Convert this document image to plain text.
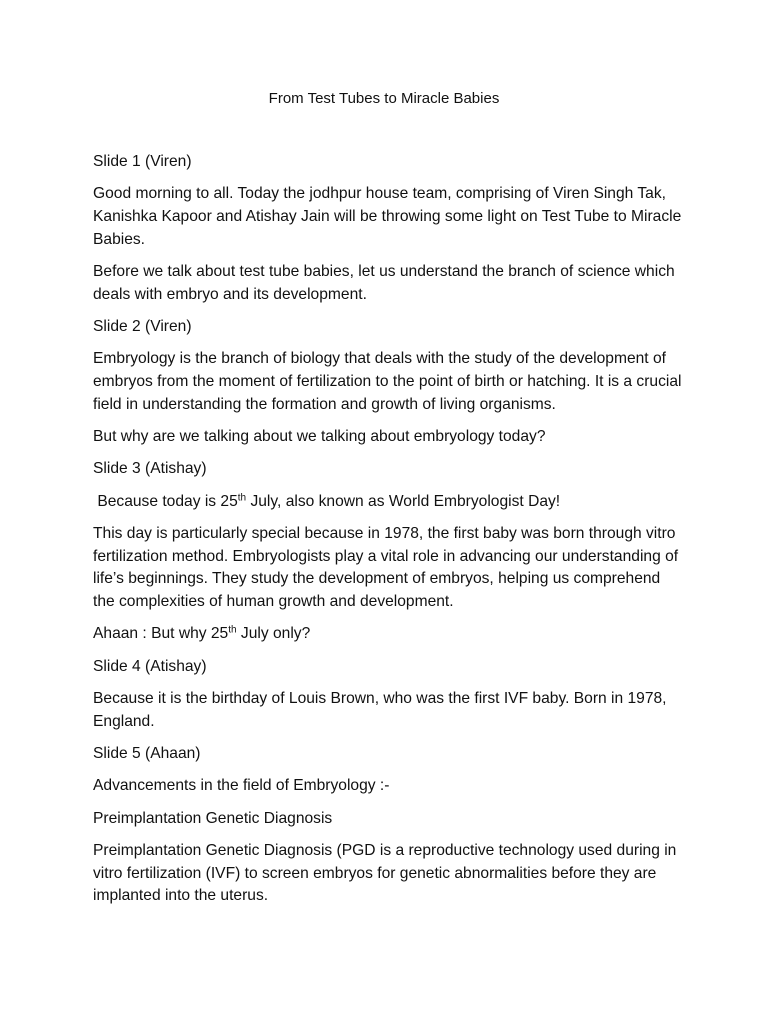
From Test Tubes to Miracle Babies

Slide 1 (Viren)

Good morning to all. Today the jodhpur house team, comprising of Viren Singh Tak, Kanishka Kapoor and Atishay Jain will be throwing some light on Test Tube to Miracle Babies.

Before we talk about test tube babies, let us understand the branch of science which deals with embryo and its development.

Slide 2 (Viren)

Embryology is the branch of biology that deals with the study of the development of embryos from the moment of fertilization to the point of birth or hatching. It is a crucial field in understanding the formation and growth of living organisms.

But why are we talking about we talking about embryology today?

Slide 3 (Atishay)

Because today is 25th July, also known as World Embryologist Day!

This day is particularly special because in 1978, the first baby was born through vitro fertilization method. Embryologists play a vital role in advancing our understanding of life’s beginnings. They study the development of embryos, helping us comprehend the complexities of human growth and development.

Ahaan : But why 25th July only?

Slide 4 (Atishay)

Because it is the birthday of Louis Brown, who was the first IVF baby. Born in 1978, England.

Slide 5 (Ahaan)

Advancements in the field of Embryology :-

Preimplantation Genetic Diagnosis

Preimplantation Genetic Diagnosis (PGD is a reproductive technology used during in vitro fertilization (IVF) to screen embryos for genetic abnormalities before they are implanted into the uterus.
